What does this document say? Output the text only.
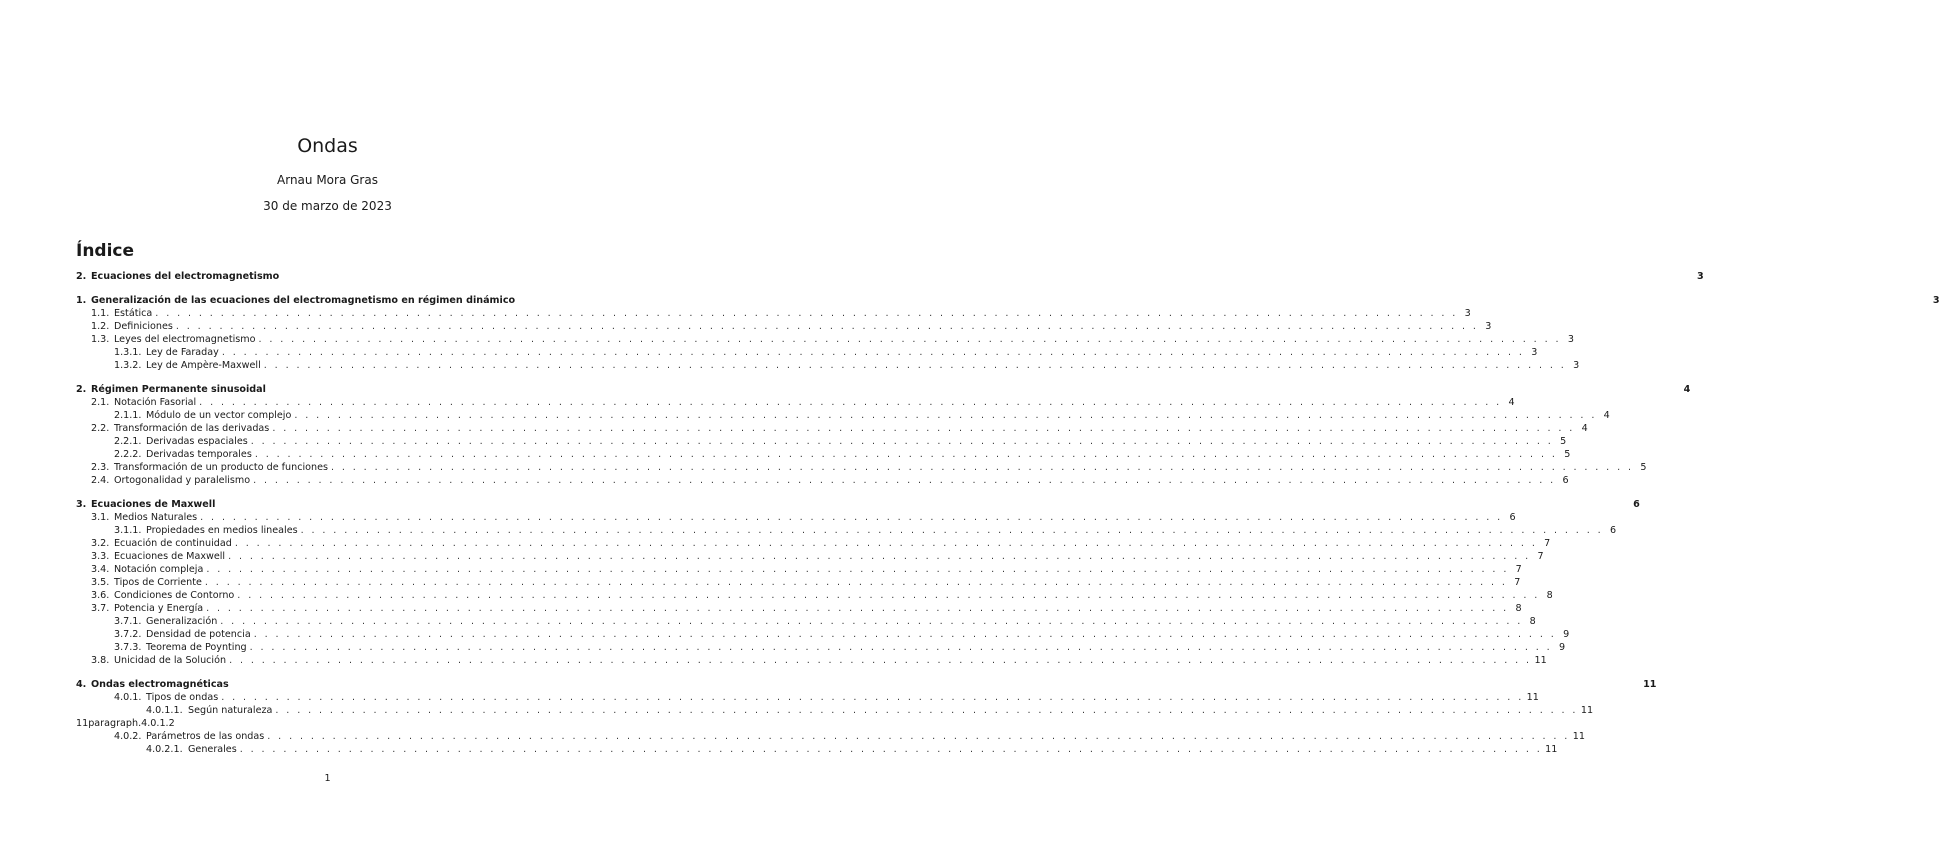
Ondas
Arnau Mora Gras
30 de marzo de 2023
Índice
2. Ecuaciones del electromagnetismo	3
1. Generalización de las ecuaciones del electromagnetismo en régimen dinámico	3
1.1. Estática . . . . . . . . . . . . . . . . . . . . . . . . . . . . . . . . . . . . . . . . . . . . . . . . . . . . . . . . . . . . . . . . . . . . . . . . . . . . . . . . . . . . . . . . . . . . . . . . . . . . . . . . . . . . . . . . . . . . . . . . 3
1.2. Definiciones . . . . . . . . . . . . . . . . . . . . . . . . . . . . . . . . . . . . . . . . . . . . . . . . . . . . . . . . . . . . . . . . . . . . . . . . . . . . . . . . . . . . . . . . . . . . . . . . . . . . . . . . . . . . . . . . . . . . . . . . 3
1.3. Leyes del electromagnetismo . . . . . . . . . . . . . . . . . . . . . . . . . . . . . . . . . . . . . . . . . . . . . . . . . . . . . . . . . . . . . . . . . . . . . . . . . . . . . . . . . . . . . . . . . . . . . . . . . . . . . . . . . . . . . . . . . . . . . . . . 3
1.3.1. Ley de Faraday . . . . . . . . . . . . . . . . . . . . . . . . . . . . . . . . . . . . . . . . . . . . . . . . . . . . . . . . . . . . . . . . . . . . . . . . . . . . . . . . . . . . . . . . . . . . . . . . . . . . . . . . . . . . . . . . . . . . . . . . 3
1.3.2. Ley de Ampère-Maxwell . . . . . . . . . . . . . . . . . . . . . . . . . . . . . . . . . . . . . . . . . . . . . . . . . . . . . . . . . . . . . . . . . . . . . . . . . . . . . . . . . . . . . . . . . . . . . . . . . . . . . . . . . . . . . . . . . . . . . . . . 3
2. Régimen Permanente sinusoidal	4
2.1. Notación Fasorial . . . . . . . . . . . . . . . . . . . . . . . . . . . . . . . . . . . . . . . . . . . . . . . . . . . . . . . . . . . . . . . . . . . . . . . . . . . . . . . . . . . . . . . . . . . . . . . . . . . . . . . . . . . . . . . . . . . . . . . . 4
2.1.1. Módulo de un vector complejo . . . . . . . . . . . . . . . . . . . . . . . . . . . . . . . . . . . . . . . . . . . . . . . . . . . . . . . . . . . . . . . . . . . . . . . . . . . . . . . . . . . . . . . . . . . . . . . . . . . . . . . . . . . . . . . . . . . . . . . . 4
2.2. Transformación de las derivadas . . . . . . . . . . . . . . . . . . . . . . . . . . . . . . . . . . . . . . . . . . . . . . . . . . . . . . . . . . . . . . . . . . . . . . . . . . . . . . . . . . . . . . . . . . . . . . . . . . . . . . . . . . . . . . . . . . . . . . . . 4
2.2.1. Derivadas espaciales . . . . . . . . . . . . . . . . . . . . . . . . . . . . . . . . . . . . . . . . . . . . . . . . . . . . . . . . . . . . . . . . . . . . . . . . . . . . . . . . . . . . . . . . . . . . . . . . . . . . . . . . . . . . . . . . . . . . . . . . 5
2.2.2. Derivadas temporales . . . . . . . . . . . . . . . . . . . . . . . . . . . . . . . . . . . . . . . . . . . . . . . . . . . . . . . . . . . . . . . . . . . . . . . . . . . . . . . . . . . . . . . . . . . . . . . . . . . . . . . . . . . . . . . . . . . . . . . . 5
2.3. Transformación de un producto de funciones . . . . . . . . . . . . . . . . . . . . . . . . . . . . . . . . . . . . . . . . . . . . . . . . . . . . . . . . . . . . . . . . . . . . . . . . . . . . . . . . . . . . . . . . . . . . . . . . . . . . . . . . . . . . . . . . . . . . . . . . 5
2.4. Ortogonalidad y paralelismo . . . . . . . . . . . . . . . . . . . . . . . . . . . . . . . . . . . . . . . . . . . . . . . . . . . . . . . . . . . . . . . . . . . . . . . . . . . . . . . . . . . . . . . . . . . . . . . . . . . . . . . . . . . . . . . . . . . . . . . . 6
3. Ecuaciones de Maxwell	6
3.1. Medios Naturales . . . . . . . . . . . . . . . . . . . . . . . . . . . . . . . . . . . . . . . . . . . . . . . . . . . . . . . . . . . . . . . . . . . . . . . . . . . . . . . . . . . . . . . . . . . . . . . . . . . . . . . . . . . . . . . . . . . . . . . . 6
3.1.1. Propiedades en medios lineales . . . . . . . . . . . . . . . . . . . . . . . . . . . . . . . . . . . . . . . . . . . . . . . . . . . . . . . . . . . . . . . . . . . . . . . . . . . . . . . . . . . . . . . . . . . . . . . . . . . . . . . . . . . . . . . . . . . . . . . . 6
3.2. Ecuación de continuidad . . . . . . . . . . . . . . . . . . . . . . . . . . . . . . . . . . . . . . . . . . . . . . . . . . . . . . . . . . . . . . . . . . . . . . . . . . . . . . . . . . . . . . . . . . . . . . . . . . . . . . . . . . . . . . . . . . . . . . . . 7
3.3. Ecuaciones de Maxwell . . . . . . . . . . . . . . . . . . . . . . . . . . . . . . . . . . . . . . . . . . . . . . . . . . . . . . . . . . . . . . . . . . . . . . . . . . . . . . . . . . . . . . . . . . . . . . . . . . . . . . . . . . . . . . . . . . . . . . . . 7
3.4. Notación compleja . . . . . . . . . . . . . . . . . . . . . . . . . . . . . . . . . . . . . . . . . . . . . . . . . . . . . . . . . . . . . . . . . . . . . . . . . . . . . . . . . . . . . . . . . . . . . . . . . . . . . . . . . . . . . . . . . . . . . . . . 7
3.5. Tipos de Corriente . . . . . . . . . . . . . . . . . . . . . . . . . . . . . . . . . . . . . . . . . . . . . . . . . . . . . . . . . . . . . . . . . . . . . . . . . . . . . . . . . . . . . . . . . . . . . . . . . . . . . . . . . . . . . . . . . . . . . . . . 7
3.6. Condiciones de Contorno . . . . . . . . . . . . . . . . . . . . . . . . . . . . . . . . . . . . . . . . . . . . . . . . . . . . . . . . . . . . . . . . . . . . . . . . . . . . . . . . . . . . . . . . . . . . . . . . . . . . . . . . . . . . . . . . . . . . . . . . 8
3.7. Potencia y Energía . . . . . . . . . . . . . . . . . . . . . . . . . . . . . . . . . . . . . . . . . . . . . . . . . . . . . . . . . . . . . . . . . . . . . . . . . . . . . . . . . . . . . . . . . . . . . . . . . . . . . . . . . . . . . . . . . . . . . . . . 8
3.7.1. Generalización . . . . . . . . . . . . . . . . . . . . . . . . . . . . . . . . . . . . . . . . . . . . . . . . . . . . . . . . . . . . . . . . . . . . . . . . . . . . . . . . . . . . . . . . . . . . . . . . . . . . . . . . . . . . . . . . . . . . . . . . 8
3.7.2. Densidad de potencia . . . . . . . . . . . . . . . . . . . . . . . . . . . . . . . . . . . . . . . . . . . . . . . . . . . . . . . . . . . . . . . . . . . . . . . . . . . . . . . . . . . . . . . . . . . . . . . . . . . . . . . . . . . . . . . . . . . . . . . . 9
3.7.3. Teorema de Poynting . . . . . . . . . . . . . . . . . . . . . . . . . . . . . . . . . . . . . . . . . . . . . . . . . . . . . . . . . . . . . . . . . . . . . . . . . . . . . . . . . . . . . . . . . . . . . . . . . . . . . . . . . . . . . . . . . . . . . . . . 9
3.8. Unicidad de la Solución . . . . . . . . . . . . . . . . . . . . . . . . . . . . . . . . . . . . . . . . . . . . . . . . . . . . . . . . . . . . . . . . . . . . . . . . . . . . . . . . . . . . . . . . . . . . . . . . . . . . . . . . . . . . . . . . . . . . . . . . 11
4. Ondas electromagnéticas	11
4.0.1. Tipos de ondas . . . . . . . . . . . . . . . . . . . . . . . . . . . . . . . . . . . . . . . . . . . . . . . . . . . . . . . . . . . . . . . . . . . . . . . . . . . . . . . . . . . . . . . . . . . . . . . . . . . . . . . . . . . . . . . . . . . . . . . . 11
4.0.1.1. Según naturaleza . . . . . . . . . . . . . . . . . . . . . . . . . . . . . . . . . . . . . . . . . . . . . . . . . . . . . . . . . . . . . . . . . . . . . . . . . . . . . . . . . . . . . . . . . . . . . . . . . . . . . . . . . . . . . . . . . . . . . . . . 11
4.0.2. Parámetros de las ondas . . . . . . . . . . . . . . . . . . . . . . . . . . . . . . . . . . . . . . . . . . . . . . . . . . . . . . . . . . . . . . . . . . . . . . . . . . . . . . . . . . . . . . . . . . . . . . . . . . . . . . . . . . . . . . . . . . . . . . . . 11
4.0.2.1. Generales . . . . . . . . . . . . . . . . . . . . . . . . . . . . . . . . . . . . . . . . . . . . . . . . . . . . . . . . . . . . . . . . . . . . . . . . . . . . . . . . . . . . . . . . . . . . . . . . . . . . . . . . . . . . . . . . . . . . . . . . 11
11paragraph.4.0.1.2
1
